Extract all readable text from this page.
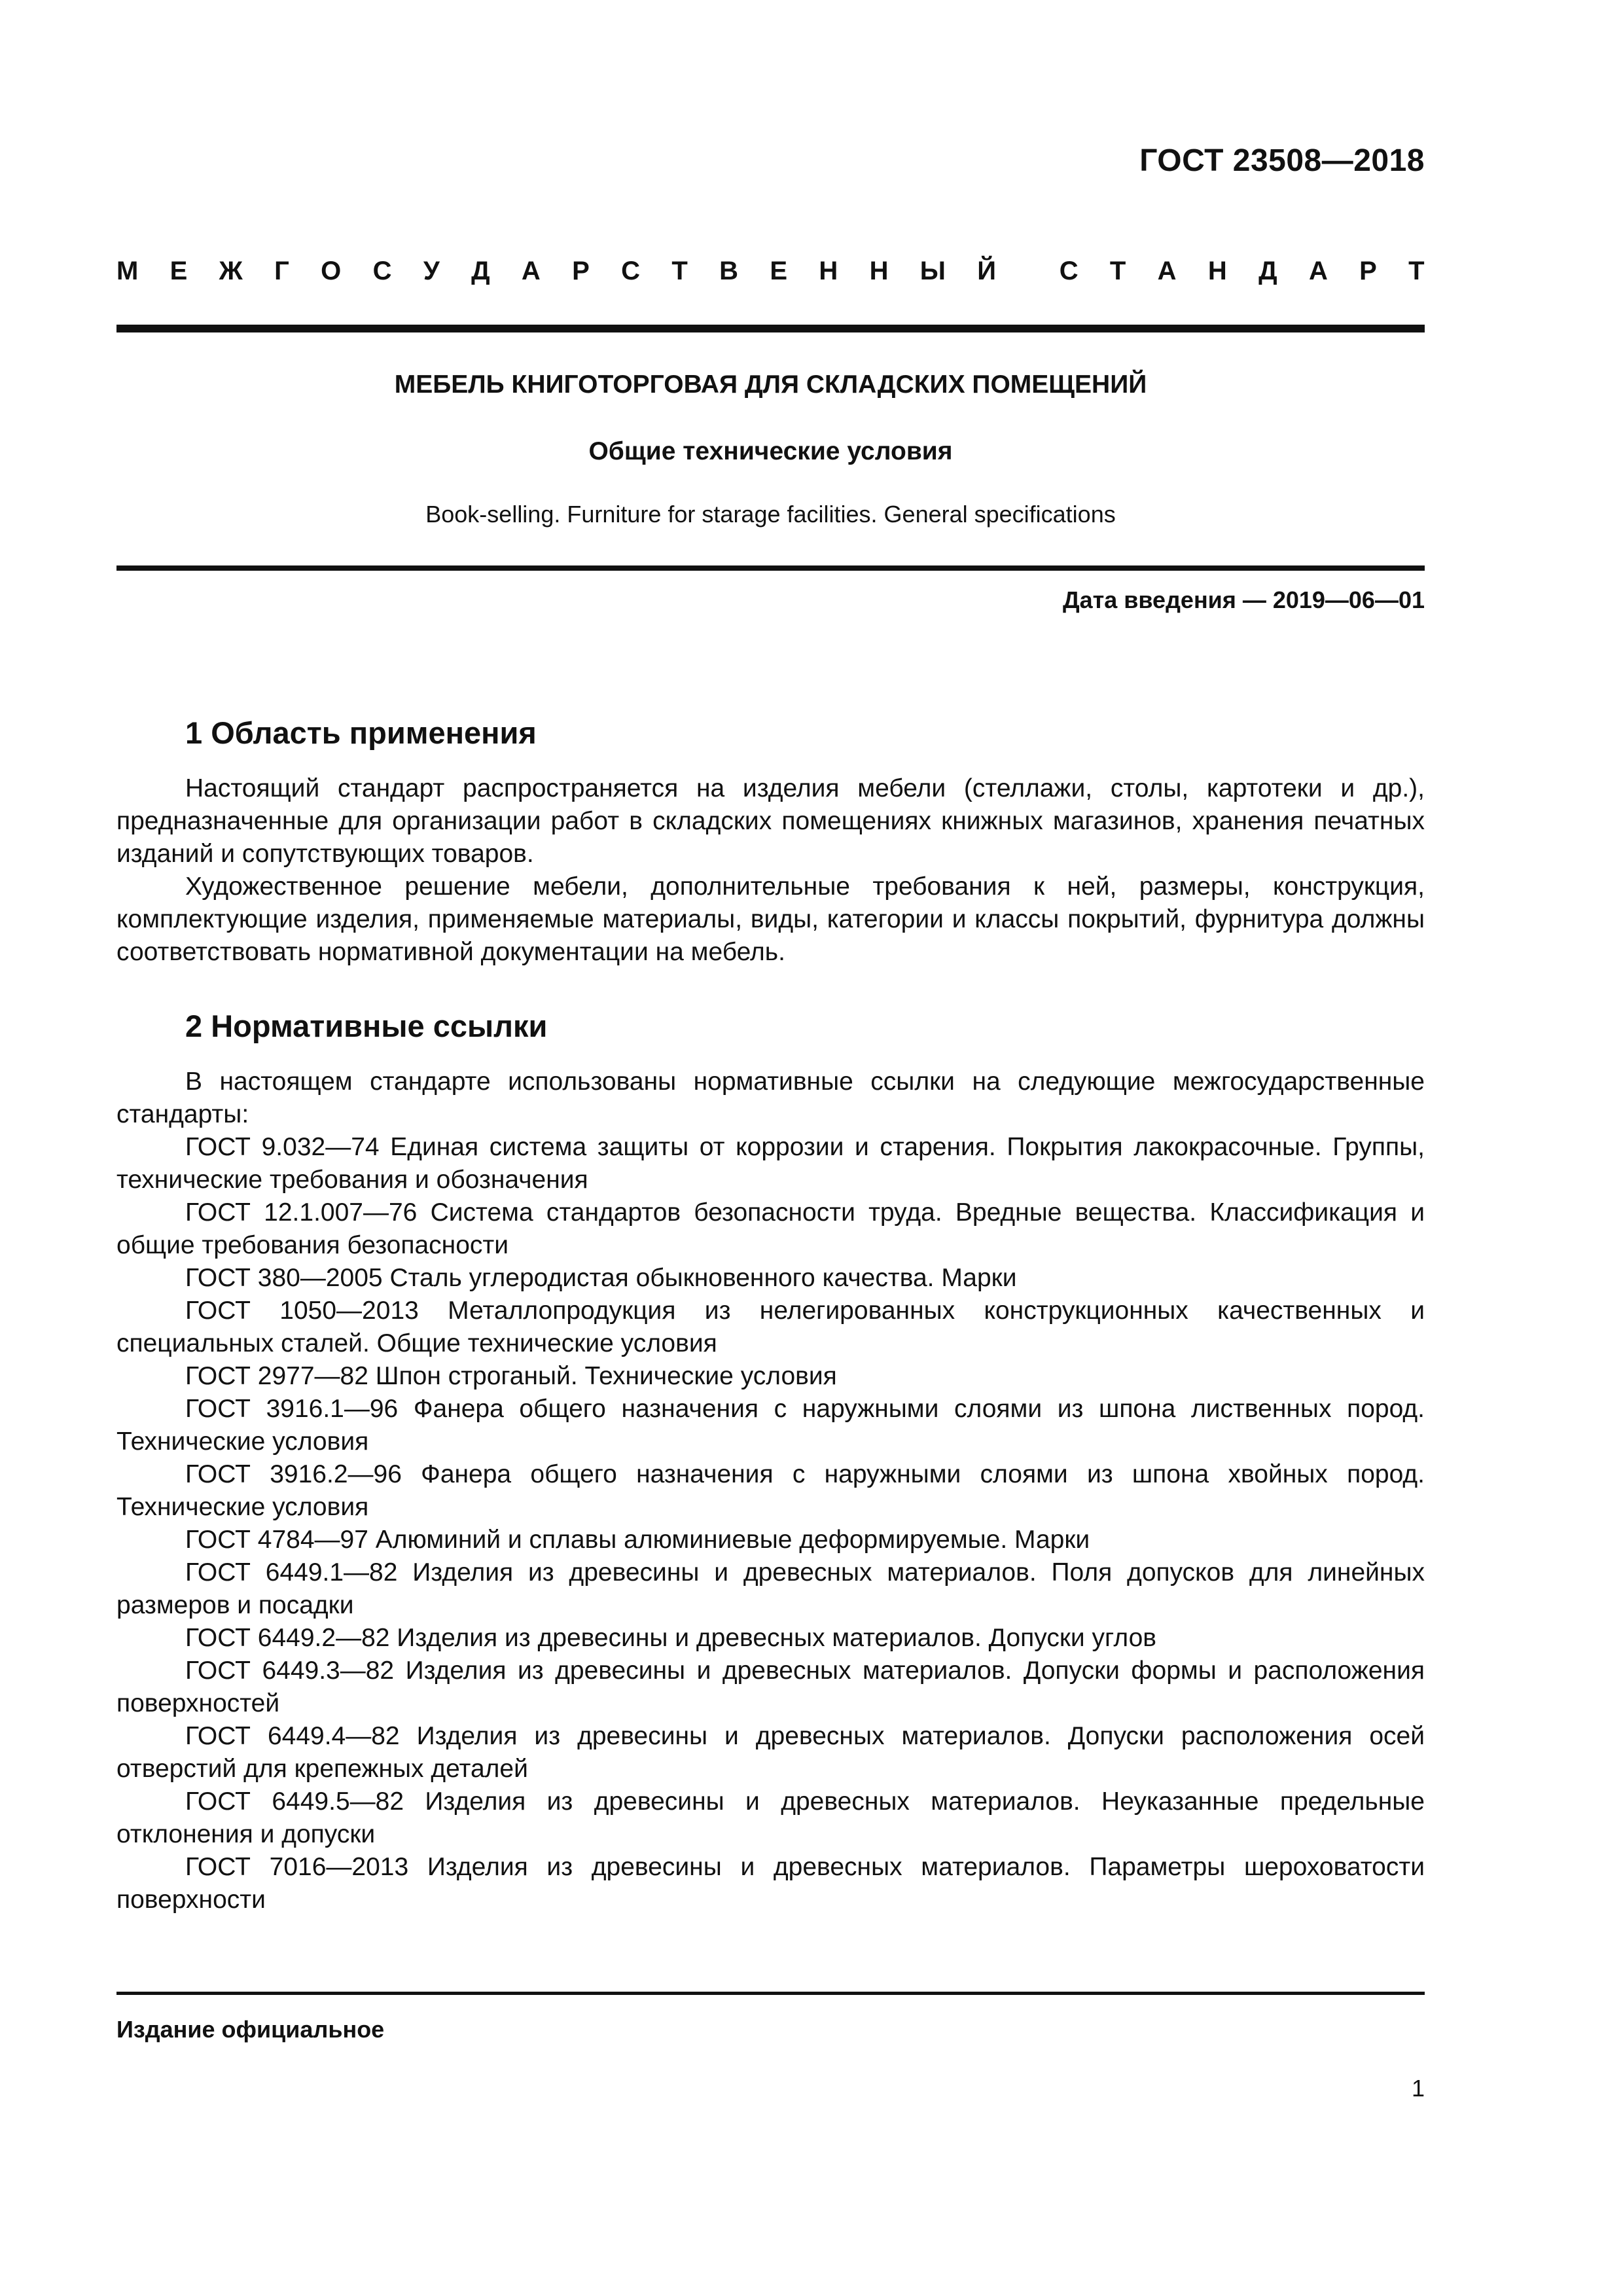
ГОСТ 23508—2018
М Е Ж Г О С У Д А Р С Т В Е Н Н Ы Й С Т А Н Д А Р Т
МЕБЕЛЬ КНИГОТОРГОВАЯ ДЛЯ СКЛАДСКИХ ПОМЕЩЕНИЙ
Общие технические условия
Book-selling. Furniture for starage facilities. General specifications
Дата введения — 2019—06—01
1 Область применения

Настоящий стандарт распространяется на изделия мебели (стеллажи, столы, картотеки и др.), предназначенные для организации работ в складских помещениях книжных магазинов, хранения печатных изданий и сопутствующих товаров.

Художественное решение мебели, дополнительные требования к ней, размеры, конструкция, комплектующие изделия, применяемые материалы, виды, категории и классы покрытий, фурнитура должны соответствовать нормативной документации на мебель.

2 Нормативные ссылки

В настоящем стандарте использованы нормативные ссылки на следующие межгосударственные стандарты:

ГОСТ 9.032—74 Единая система защиты от коррозии и старения. Покрытия лакокрасочные. Группы, технические требования и обозначения

ГОСТ 12.1.007—76 Система стандартов безопасности труда. Вредные вещества. Классификация и общие требования безопасности

ГОСТ 380—2005 Сталь углеродистая обыкновенного качества. Марки

ГОСТ 1050—2013 Металлопродукция из нелегированных конструкционных качественных и специальных сталей. Общие технические условия

ГОСТ 2977—82 Шпон строганый. Технические условия

ГОСТ 3916.1—96 Фанера общего назначения с наружными слоями из шпона лиственных пород. Технические условия

ГОСТ 3916.2—96 Фанера общего назначения с наружными слоями из шпона хвойных пород. Технические условия

ГОСТ 4784—97 Алюминий и сплавы алюминиевые деформируемые. Марки

ГОСТ 6449.1—82 Изделия из древесины и древесных материалов. Поля допусков для линейных размеров и посадки

ГОСТ 6449.2—82 Изделия из древесины и древесных материалов. Допуски углов

ГОСТ 6449.3—82 Изделия из древесины и древесных материалов. Допуски формы и расположения поверхностей

ГОСТ 6449.4—82 Изделия из древесины и древесных материалов. Допуски расположения осей отверстий для крепежных деталей

ГОСТ 6449.5—82 Изделия из древесины и древесных материалов. Неуказанные предельные отклонения и допуски

ГОСТ 7016—2013 Изделия из древесины и древесных материалов. Параметры шероховатости поверхности

Издание официальное
1
